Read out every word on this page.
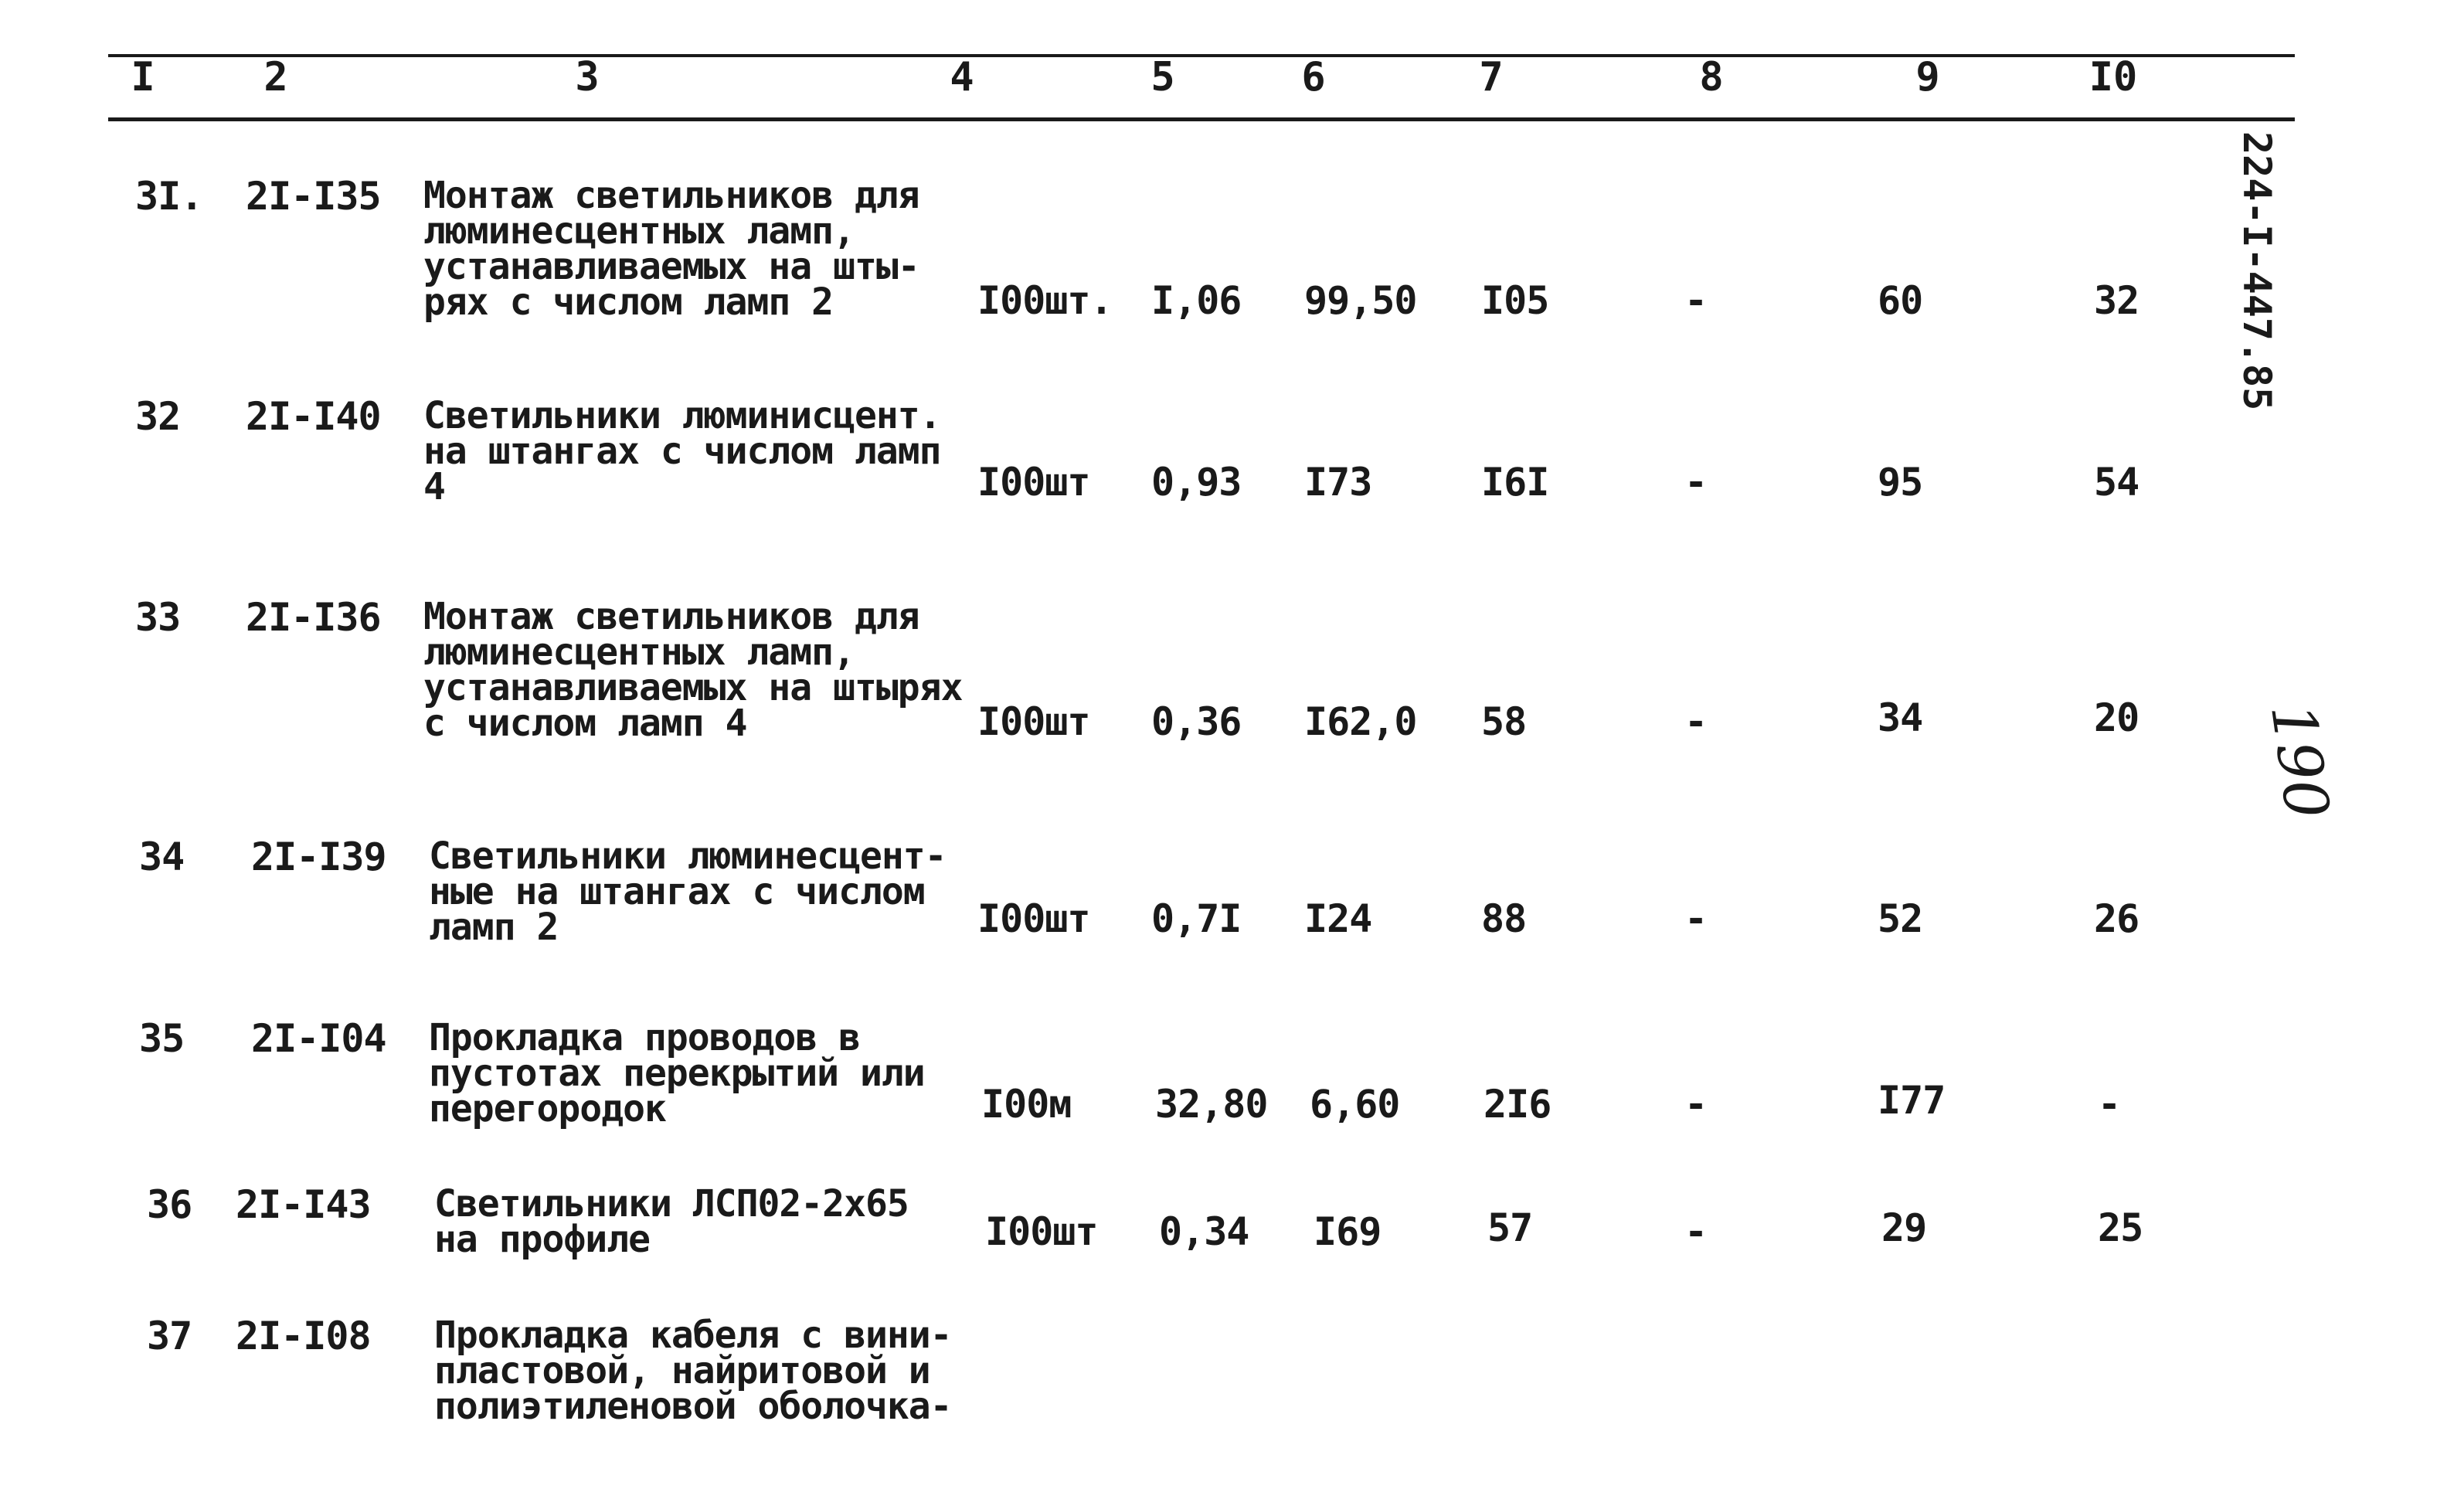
I	2	3	4	5	6	7	8	9	I0
3I. 2I-I35 Монтаж светильников для
люминесцентных ламп,
устанавливаемых на шты-
рях с числом ламп 2	I00шт. I,06 99,50 I05	-	60	32
32 2I-I40 Светильники люминисцент.
на штангах с числом ламп
4	I00шт 0,93 I73	I6I	-	95	54
33 2I-I36 Монтаж светильников для
люминесцентных ламп,
устанавливаемых на штырях
с числом ламп 4	I00шт 0,36 I62,0 58	-	34	20
34 2I-I39 Светильники люминесцент-
ные на штангах с числом
ламп 2	I00шт 0,7I I24	88	-	52	26
35 2I-I04 Прокладка проводов в
пустотах перекрытий или
перегородок	I00м 32,80 6,60 2I6	-	I77	-
36 2I-I43 Светильники ЛСП02-2х65
на профиле	I00шт 0,34 I69	57	-	29	25
37 2I-I08 Прокладка кабеля с вини-
пластовой, найритовой и
полиэтиленовой оболочка-
224-I-447.85
190
